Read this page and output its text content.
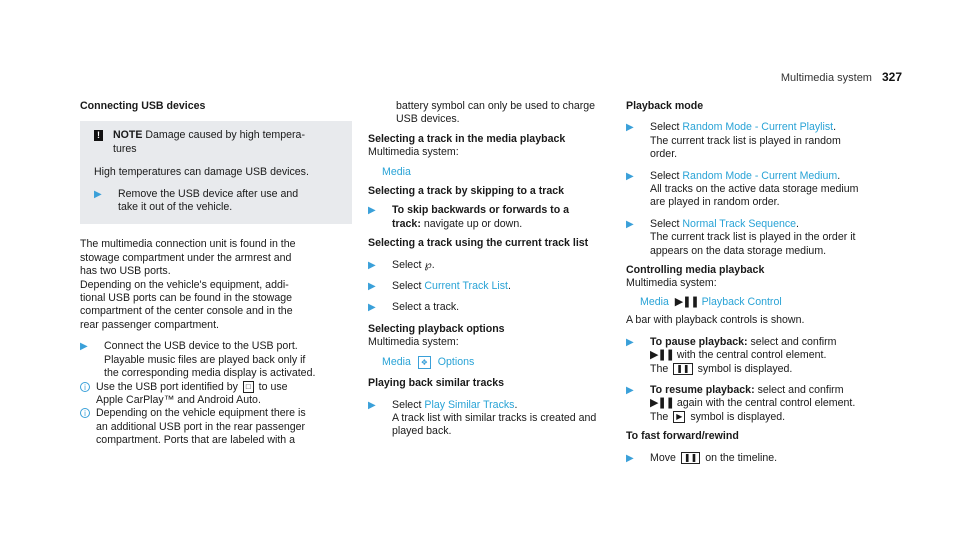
Multimedia system 327

Connecting USB devices

! NOTE Damage caused by high tempera-
tures

High temperatures can damage USB devices.

▶	Remove the USB device after use and
take it out of the vehicle.
The multimedia connection unit is found in the
stowage compartment under the armrest and
has two USB ports.
Depending on the vehicle's equipment, addi-
tional USB ports can be found in the stowage
compartment of the center console and in the
rear passenger compartment.
▶	Connect the USB device to the USB port.
Playable music files are played back only if
the corresponding media display is activated.
i Use the USB port identified by □ to use
Apple CarPlay™ and Android Auto.
i Depending on the vehicle equipment there is
an additional USB port in the rear passenger
compartment. Ports that are labeled with a
battery symbol can only be used to charge
USB devices.

Selecting a track in the media playback

Multimedia system:
Media

Selecting a track by skipping to a track

▶	To skip backwards or forwards to a
track: navigate up or down.

Selecting a track using the current track list

▶	Select ℘.
▶	Select Current Track List.
▶	Select a track.

Selecting playback options

Multimedia system:
Media ❖ Options

Playing back similar tracks

▶	Select Play Similar Tracks.
A track list with similar tracks is created and
played back.

Playback mode

▶	Select Random Mode - Current Playlist.
The current track list is played in random
order.
▶	Select Random Mode - Current Medium.
All tracks on the active data storage medium
are played in random order.
▶	Select Normal Track Sequence.
The current track list is played in the order it
appears on the data storage medium.

Controlling media playback

Multimedia system:
Media ▶❚❚ Playback Control
A bar with playback controls is shown.
▶	To pause playback: select and confirm
▶❚❚ with the central control element.
The ❚❚ symbol is displayed.
▶	To resume playback: select and confirm
▶❚❚ again with the central control element.
The ▶ symbol is displayed.

To fast forward/rewind

▶	Move ❚❚ on the timeline.
